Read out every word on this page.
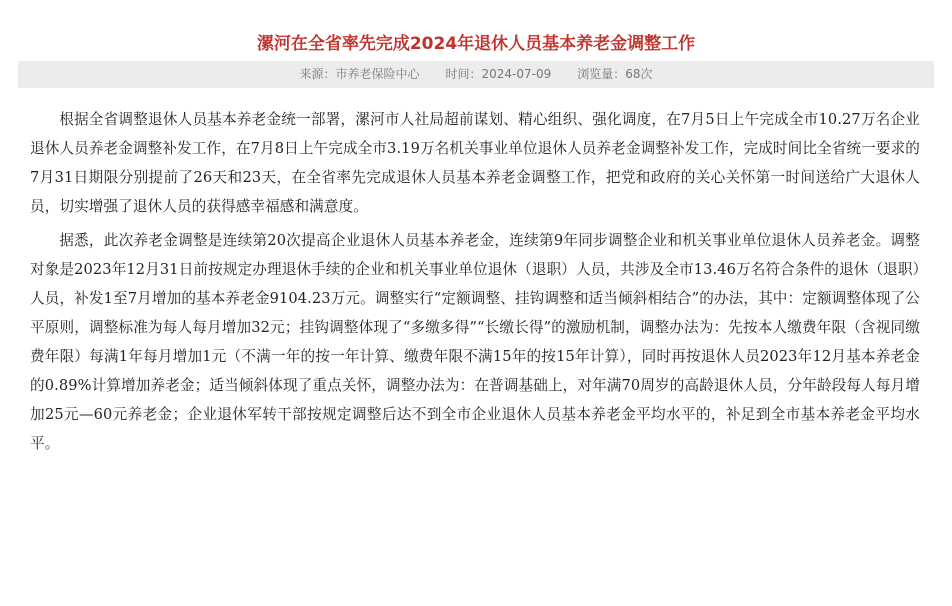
漯河在全省率先完成2024年退休人员基本养老金调整工作
来源：市养老保险中心 时间：2024-07-09 浏览量：68次

根据全省调整退休人员基本养老金统一部署，漯河市人社局超前谋划、精心组织、强化调度，在7月5日上午完成全市10.27万名企业退休人员养老金调整补发工作，在7月8日上午完成全市3.19万名机关事业单位退休人员养老金调整补发工作，完成时间比全省统一要求的7月31日期限分别提前了26天和23天，在全省率先完成退休人员基本养老金调整工作，把党和政府的关心关怀第一时间送给广大退休人员，切实增强了退休人员的获得感幸福感和满意度。

据悉，此次养老金调整是连续第20次提高企业退休人员基本养老金，连续第9年同步调整企业和机关事业单位退休人员养老金。调整对象是2023年12月31日前按规定办理退休手续的企业和机关事业单位退休（退职）人员，共涉及全市13.46万名符合条件的退休（退职）人员，补发1至7月增加的基本养老金9104.23万元。调整实行“定额调整、挂钩调整和适当倾斜相结合”的办法，其中：定额调整体现了公平原则，调整标准为每人每月增加32元；挂钩调整体现了“多缴多得”“长缴长得”的激励机制，调整办法为：先按本人缴费年限（含视同缴费年限）每满1年每月增加1元（不满一年的按一年计算、缴费年限不满15年的按15年计算），同时再按退休人员2023年12月基本养老金的0.89%计算增加养老金；适当倾斜体现了重点关怀，调整办法为：在普调基础上，对年满70周岁的高龄退休人员，分年龄段每人每月增加25元—60元养老金；企业退休军转干部按规定调整后达不到全市企业退休人员基本养老金平均水平的，补足到全市基本养老金平均水平。
